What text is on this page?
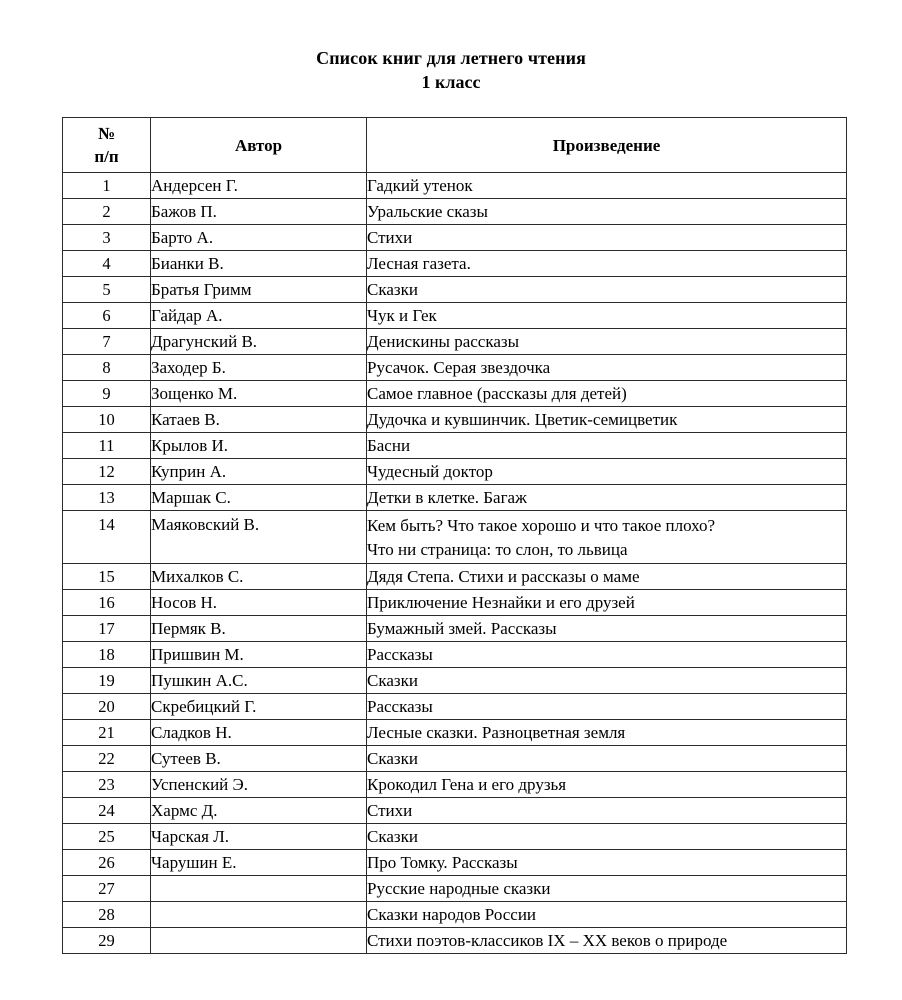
Список книг для летнего чтения
1 класс
№
п/п	Автор	Произведение
1	Андерсен Г.	Гадкий утенок
2	Бажов П.	Уральские сказы
3	Барто А.	Стихи
4	Бианки В.	Лесная газета.
5	Братья Гримм	Сказки
6	Гайдар А.	Чук и Гек
7	Драгунский В.	Денискины рассказы
8	Заходер Б.	Русачок. Серая звездочка
9	Зощенко М.	Самое главное (рассказы для детей)
10	Катаев В.	Дудочка и кувшинчик. Цветик-семицветик
11	Крылов И.	Басни
12	Куприн А.	Чудесный доктор
13	Маршак С.	Детки в клетке. Багаж
14	Маяковский В.	Кем быть? Что такое хорошо и что такое плохо?
Что ни страница: то слон, то львица

15	Михалков С.	Дядя Степа. Стихи и рассказы о маме
16	Носов Н.	Приключение Незнайки и его друзей
17	Пермяк В.	Бумажный змей. Рассказы
18	Пришвин М.	Рассказы
19	Пушкин А.С.	Сказки
20	Скребицкий Г.	Рассказы
21	Сладков Н.	Лесные сказки. Разноцветная земля
22	Сутеев В.	Сказки
23	Успенский Э.	Крокодил Гена и его друзья
24	Хармс Д.	Стихи
25	Чарская Л.	Сказки
26	Чарушин Е.	Про Томку. Рассказы
27		Русские народные сказки
28		Сказки народов России
29		Стихи поэтов-классиков IX – XX веков о природе
